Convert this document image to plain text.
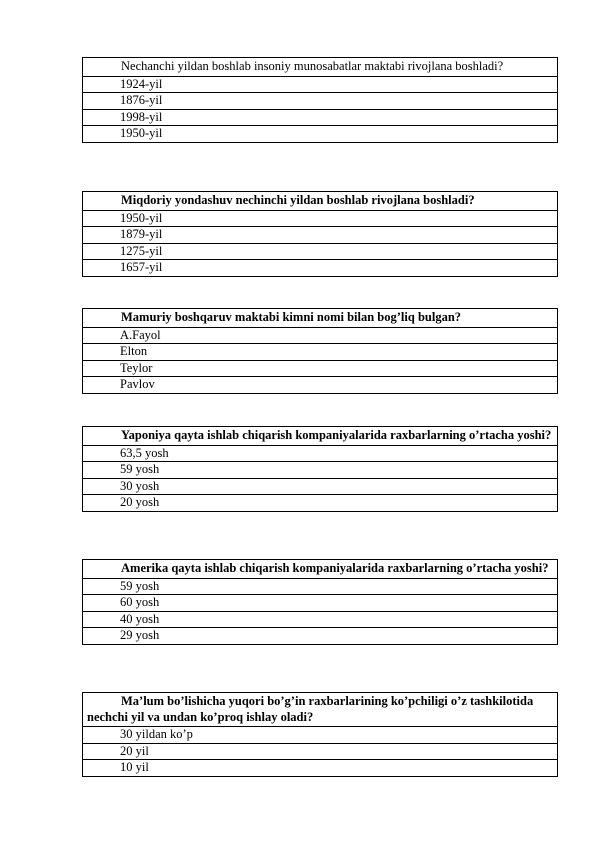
Nechanchi yildan boshlab insoniy munosabatlar maktabi rivojlana boshladi?
1924-yil
1876-yil
1998-yil
1950-yil
Miqdoriy yondashuv nechinchi yildan boshlab rivojlana boshladi?
1950-yil
1879-yil
1275-yil
1657-yil
Mamuriy boshqaruv maktabi kimni nomi bilan bog’liq bulgan?
A.Fayol
Elton
Teylor
Pavlov
Yaponiya qayta ishlab chiqarish kompaniyalarida raxbarlarning o’rtacha yoshi?
63,5 yosh
59 yosh
30 yosh
20 yosh
Amerika qayta ishlab chiqarish kompaniyalarida raxbarlarning o’rtacha yoshi?
59 yosh
60 yosh
40 yosh
29 yosh
Ma’lum bo’lishicha yuqori bo’g’in raxbarlarining ko’pchiligi o’z tashkilotida nechchi yil va undan ko’proq ishlay oladi?
30 yildan ko’p
20 yil
10 yil
